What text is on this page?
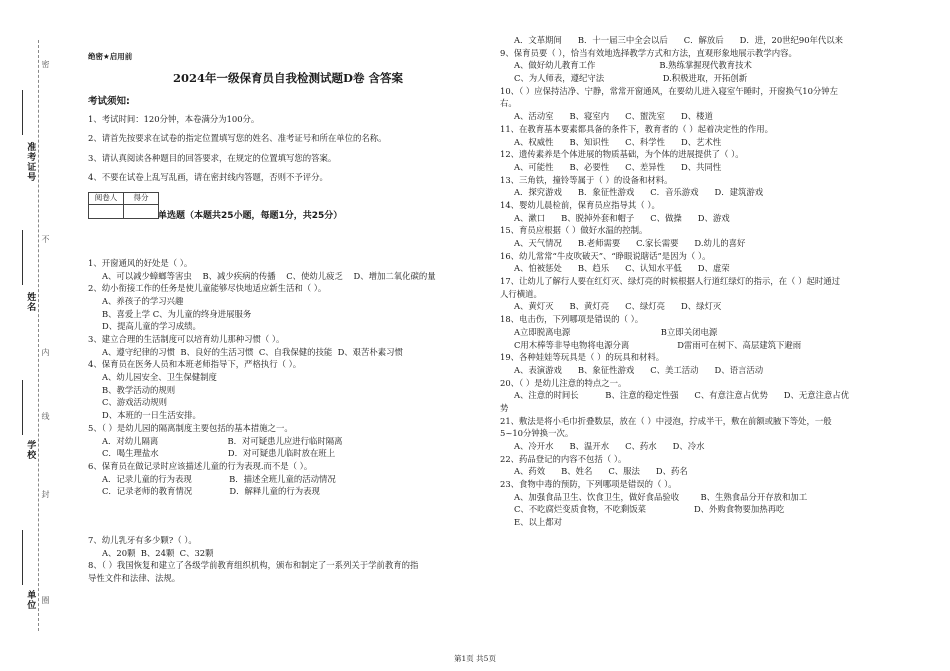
准考证号
姓名
学校
单位
密
不
内
线
封
圈
绝密★启用前
2024年一级保育员自我检测试题D卷 含答案
考试须知:
1、考试时间：120分钟，本卷满分为100分。
2、请首先按要求在试卷的指定位置填写您的姓名、准考证号和所在单位的名称。
3、请认真阅读各种题目的回答要求，在规定的位置填写您的答案。
4、不要在试卷上乱写乱画，请在密封线内答题，否则不予评分。
阅卷人	得分

单选题（本题共25小题，每题1分，共25分）
1、开窗通风的好处是（ ）。
A、可以减少蟑螂等害虫    B、减少疾病的传播    C、使幼儿疲乏    D、增加二氧化碳的量
2、幼小衔接工作的任务是使儿童能够尽快地适应新生活和（ ）。
A、养孩子的学习兴趣
B、喜爱上学 C、为儿童的终身进展服务
D、提高儿童的学习成绩。
3、建立合理的生活制度可以培育幼儿那种习惯（ ）。
A、遵守纪律的习惯  B、良好的生活习惯  C、自我保健的技能  D、艰苦朴素习惯
4、保育员在医务人员和本班老师指导下，严格执行（ ）。
A、幼儿园安全、卫生保健制度
B、教学活动的规则
C、游戏活动规则
D、本班的一日生活安排。
5、（ ）是幼儿园的隔离制度主要包括的基本措施之一。
A．对幼儿隔离                          B．对可疑患儿应进行临时隔离
C．喝生理盐水                          D．对可疑患儿临时放在班上
6、保育员在做记录时应该描述儿童的行为表现.而不是（ ）。
A．记录儿童的行为表现              B．描述全班儿童的活动情况
C．记录老师的教育情况              D．解释儿童的行为表现
7、幼儿乳牙有多少颗?（ ）。
A、20颗  B、24颗  C、32颗
8、（ ）我国恢复和建立了各级学前教育组织机构，颁布和制定了一系列关于学前教育的指
导性文件和法律、法规。
A．文革期间      B．十一届三中全会以后      C．解放后      D．进，20世纪90年代以来
9、保育员要（ ），恰当有效地选择教学方式和方法，直观形象地展示教学内容。
A、做好幼儿教育工作                        B.熟练掌握现代教育技术
C、为人师表，遵纪守法                      D.积极进取，开拓创新
10、（ ）应保持洁净、宁静，常常开窗通风，在要幼儿进入寝室午睡时，开窗换气10分钟左
右。
A、活动室      B、寝室内      C、盥洗室      D、楼道
11、在教育基本要素都具备的条件下，教育者的（ ）起着决定性的作用。
A、权威性      B、知识性      C、科学性      D、艺术性
12、遗传素养是个体进展的物质基础，为个体的进展提供了（ ）。
A、可能性      B、必要性      C、差异性      D、共同性
13、三角铁，撞铃等属于（ ）的设备和材料。
A．探究游戏      B．象征性游戏      C．音乐游戏      D．建筑游戏
14、婴幼儿晨检前，保育员应指导其（ ）。
A、漱口      B、脱掉外套和帽子      C、做操      D、游戏
15、育员应根据（ ）做好水温的控制。
A、天气情况      B.老师需要      C.家长需要      D.幼儿的喜好
16、幼儿常常“牛皮吹破天”、“睁眼说瞎话”是因为（ ）。
A、怕被惩处      B、趋乐      C、认知水平低      D、虚荣
17、让幼儿了解行人要在红灯灭、绿灯亮的时候根据人行道红绿灯的指示，在（ ）起时通过
人行横道。
A、黄灯灭      B、黄灯亮      C、绿灯亮      D、绿灯灭
18、电击伤，下列哪项是错误的（ ）。
A立即脱离电源                                  B立即关闭电源
C用木棒等非导电物将电源分离                  D雷雨可在树下、高层建筑下避雨
19、各种娃娃等玩具是（ ）的玩具和材料。
A、表演游戏      B、象征性游戏      C、美工活动      D、语言活动
20、（ ）是幼儿注意的特点之一。
A、注意的时间长          B、注意的稳定性强      C、有意注意占优势      D、无意注意占优
势
21、敷法是将小毛巾折叠数层，放在（ ）中浸泡，拧成半干，敷在前额或腋下等处，一般
5~10分钟换一次。
A、冷开水      B、温开水      C、药水      D、冷水
22、药品登记的内容不包括（ ）。
A、药效      B、姓名      C、服法      D、药名
23、食物中毒的预防，下列哪项是错误的（ ）。
A、加强食品卫生、饮食卫生，做好食品验收        B、生熟食品分开存放和加工
C、不吃腐烂变质食物，不吃剩饭菜                  D、外购食物要加热再吃
E、以上都对
第1页 共5页
